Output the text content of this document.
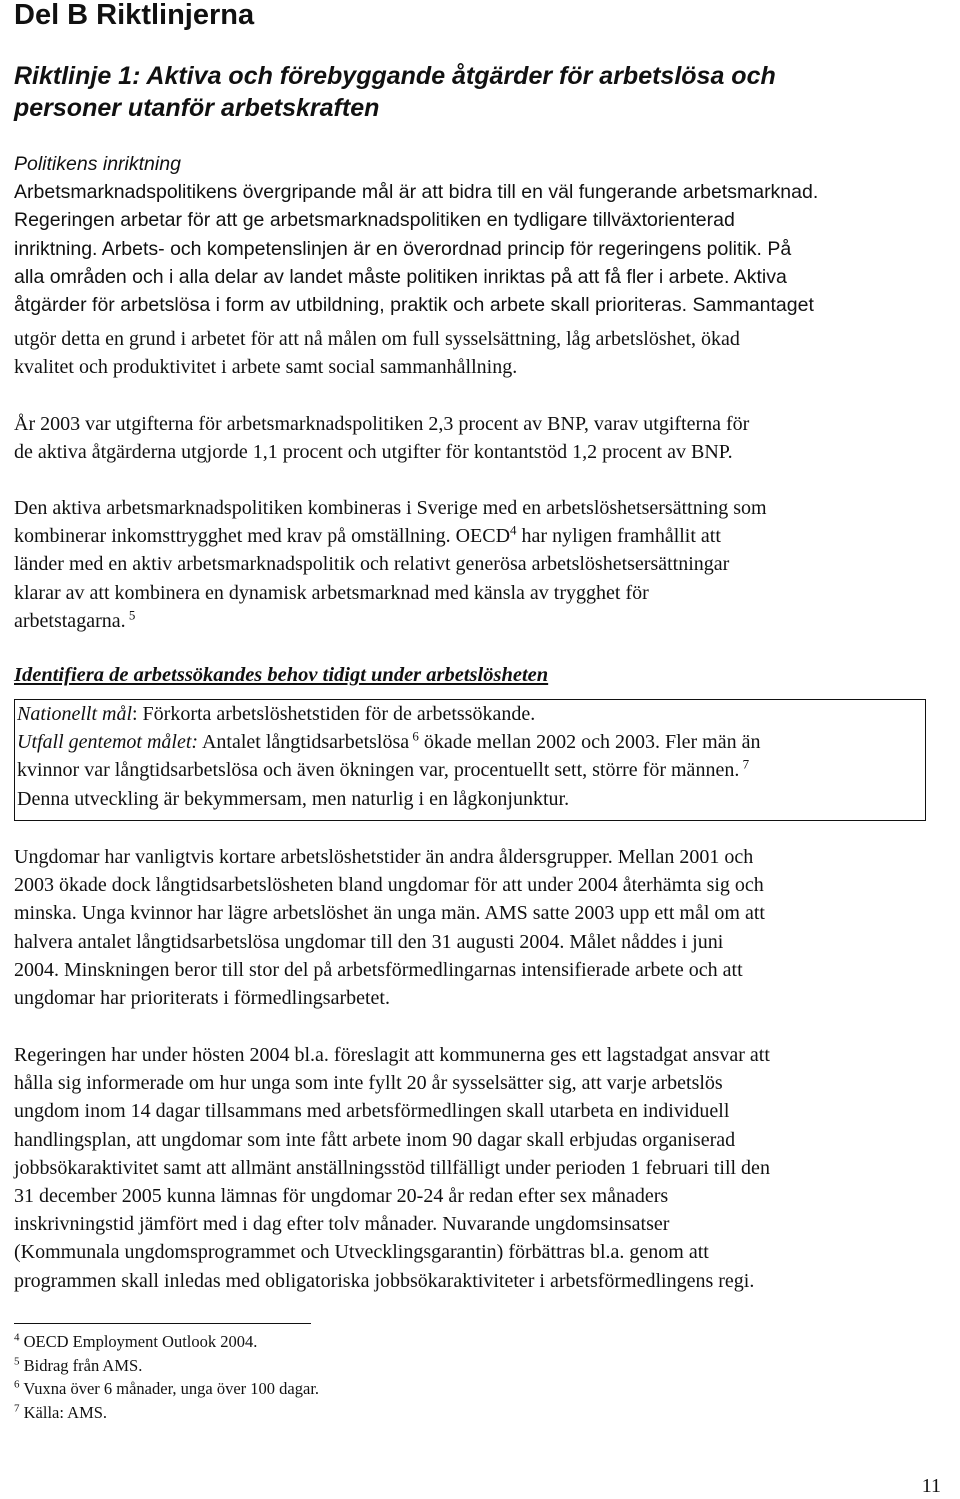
Del B Riktlinjerna
Riktlinje 1: Aktiva och förebyggande åtgärder för arbetslösa och
personer utanför arbetskraften
Politikens inriktning
Arbetsmarknadspolitikens övergripande mål är att bidra till en väl fungerande arbetsmarknad.
Regeringen arbetar för att ge arbetsmarknadspolitiken en tydligare tillväxtorienterad
inriktning. Arbets- och kompetenslinjen är en överordnad princip för regeringens politik. På
alla områden och i alla delar av landet måste politiken inriktas på att få fler i arbete. Aktiva
åtgärder för arbetslösa i form av utbildning, praktik och arbete skall prioriteras. Sammantaget
utgör detta en grund i arbetet för att nå målen om full sysselsättning, låg arbetslöshet, ökad
kvalitet och produktivitet i arbete samt social sammanhållning.
År 2003 var utgifterna för arbetsmarknadspolitiken 2,3 procent av BNP, varav utgifterna för
de aktiva åtgärderna utgjorde 1,1 procent och utgifter för kontantstöd 1,2 procent av BNP.
Den aktiva arbetsmarknadspolitiken kombineras i Sverige med en arbetslöshetsersättning som
kombinerar inkomsttrygghet med krav på omställning. OECD$^4$ har nyligen framhållit att
länder med en aktiv arbetsmarknadspolitik och relativt generösa arbetslöshetsersättningar
klarar av att kombinera en dynamisk arbetsmarknad med känsla av trygghet för
arbetstagarna. $^5$
Identifiera de arbetssökandes behov tidigt under arbetslösheten
Nationellt mål: Förkorta arbetslöshetstiden för de arbetssökande.
Utfall gentemot målet: Antalet långtidsarbetslösa $^6$ ökade mellan 2002 och 2003. Fler män än
kvinnor var långtidsarbetslösa och även ökningen var, procentuellt sett, större för männen. $^7$
Denna utveckling är bekymmersam, men naturlig i en lågkonjunktur.
Ungdomar har vanligtvis kortare arbetslöshetstider än andra åldersgrupper. Mellan 2001 och
2003 ökade dock långtidsarbetslösheten bland ungdomar för att under 2004 återhämta sig och
minska. Unga kvinnor har lägre arbetslöshet än unga män. AMS satte 2003 upp ett mål om att
halvera antalet långtidsarbetslösa ungdomar till den 31 augusti 2004. Målet nåddes i juni
2004. Minskningen beror till stor del på arbetsförmedlingarnas intensifierade arbete och att
ungdomar har prioriterats i förmedlingsarbetet.
Regeringen har under hösten 2004 bl.a. föreslagit att kommunerna ges ett lagstadgat ansvar att
hålla sig informerade om hur unga som inte fyllt 20 år sysselsätter sig, att varje arbetslös
ungdom inom 14 dagar tillsammans med arbetsförmedlingen skall utarbeta en individuell
handlingsplan, att ungdomar som inte fått arbete inom 90 dagar skall erbjudas organiserad
jobbsökaraktivitet samt att allmänt anställningsstöd tillfälligt under perioden 1 februari till den
31 december 2005 kunna lämnas för ungdomar 20-24 år redan efter sex månaders
inskrivningstid jämfört med i dag efter tolv månader. Nuvarande ungdomsinsatser
(Kommunala ungdomsprogrammet och Utvecklingsgarantin) förbättras bl.a. genom att
programmen skall inledas med obligatoriska jobbsökaraktiviteter i arbetsförmedlingens regi.
$^4$ OECD Employment Outlook 2004.
$^5$ Bidrag från AMS.
$^6$ Vuxna över 6 månader, unga över 100 dagar.
$^7$ Källa: AMS.
11
